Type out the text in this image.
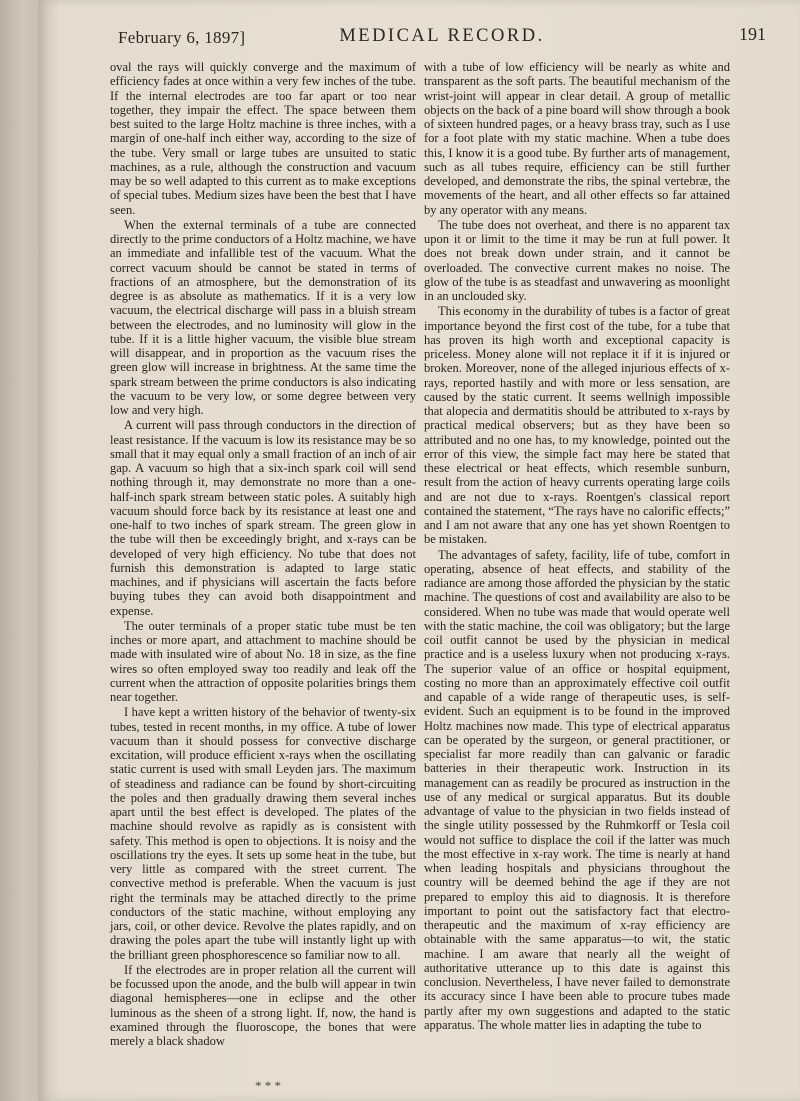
February 6, 1897]	MEDICAL RECORD.	191

oval the rays will quickly converge and the maximum of efficiency fades at once within a very few inches of the tube. If the internal electrodes are too far apart or too near together, they impair the effect. The space between them best suited to the large Holtz machine is three inches, with a margin of one-half inch either way, according to the size of the tube. Very small or large tubes are unsuited to static machines, as a rule, although the construction and vacuum may be so well adapted to this current as to make exceptions of special tubes. Medium sizes have been the best that I have seen.

When the external terminals of a tube are connected directly to the prime conductors of a Holtz machine, we have an immediate and infallible test of the vacuum. What the correct vacuum should be cannot be stated in terms of fractions of an atmosphere, but the demonstration of its degree is as absolute as mathematics. If it is a very low vacuum, the electrical discharge will pass in a bluish stream between the electrodes, and no luminosity will glow in the tube. If it is a little higher vacuum, the visible blue stream will disappear, and in proportion as the vacuum rises the green glow will increase in brightness. At the same time the spark stream between the prime conductors is also indicating the vacuum to be very low, or some degree between very low and very high.

A current will pass through conductors in the direction of least resistance. If the vacuum is low its resistance may be so small that it may equal only a small fraction of an inch of air gap. A vacuum so high that a six-inch spark coil will send nothing through it, may demonstrate no more than a one-half-inch spark stream between static poles. A suitably high vacuum should force back by its resistance at least one and one-half to two inches of spark stream. The green glow in the tube will then be exceedingly bright, and x-rays can be developed of very high efficiency. No tube that does not furnish this demonstration is adapted to large static machines, and if physicians will ascertain the facts before buying tubes they can avoid both disappointment and expense.

The outer terminals of a proper static tube must be ten inches or more apart, and attachment to machine should be made with insulated wire of about No. 18 in size, as the fine wires so often employed sway too readily and leak off the current when the attraction of opposite polarities brings them near together.

I have kept a written history of the behavior of twenty-six tubes, tested in recent months, in my office. A tube of lower vacuum than it should possess for convective discharge excitation, will produce efficient x-rays when the oscillating static current is used with small Leyden jars. The maximum of steadiness and radiance can be found by short-circuiting the poles and then gradually drawing them several inches apart until the best effect is developed. The plates of the machine should revolve as rapidly as is consistent with safety. This method is open to objections. It is noisy and the oscillations try the eyes. It sets up some heat in the tube, but very little as compared with the street current. The convective method is preferable. When the vacuum is just right the terminals may be attached directly to the prime conductors of the static machine, without employing any jars, coil, or other device. Revolve the plates rapidly, and on drawing the poles apart the tube will instantly light up with the brilliant green phosphorescence so familiar now to all.

If the electrodes are in proper relation all the current will be focussed upon the anode, and the bulb will appear in twin diagonal hemispheres—one in eclipse and the other luminous as the sheen of a strong light. If, now, the hand is examined through the fluoroscope, the bones that were merely a black shadow

with a tube of low efficiency will be nearly as white and transparent as the soft parts. The beautiful mechanism of the wrist-joint will appear in clear detail. A group of metallic objects on the back of a pine board will show through a book of sixteen hundred pages, or a heavy brass tray, such as I use for a foot plate with my static machine. When a tube does this, I know it is a good tube. By further arts of management, such as all tubes require, efficiency can be still further developed, and demonstrate the ribs, the spinal vertebræ, the movements of the heart, and all other effects so far attained by any operator with any means.

The tube does not overheat, and there is no apparent tax upon it or limit to the time it may be run at full power. It does not break down under strain, and it cannot be overloaded. The convective current makes no noise. The glow of the tube is as steadfast and unwavering as moonlight in an unclouded sky.

This economy in the durability of tubes is a factor of great importance beyond the first cost of the tube, for a tube that has proven its high worth and exceptional capacity is priceless. Money alone will not replace it if it is injured or broken. Moreover, none of the alleged injurious effects of x-rays, reported hastily and with more or less sensation, are caused by the static current. It seems wellnigh impossible that alopecia and dermatitis should be attributed to x-rays by practical medical observers; but as they have been so attributed and no one has, to my knowledge, pointed out the error of this view, the simple fact may here be stated that these electrical or heat effects, which resemble sunburn, result from the action of heavy currents operating large coils and are not due to x-rays. Roentgen's classical report contained the statement, “The rays have no calorific effects;” and I am not aware that any one has yet shown Roentgen to be mistaken.

The advantages of safety, facility, life of tube, comfort in operating, absence of heat effects, and stability of the radiance are among those afforded the physician by the static machine. The questions of cost and availability are also to be considered. When no tube was made that would operate well with the static machine, the coil was obligatory; but the large coil outfit cannot be used by the physician in medical practice and is a useless luxury when not producing x-rays. The superior value of an office or hospital equipment, costing no more than an approximately effective coil outfit and capable of a wide range of therapeutic uses, is self-evident. Such an equipment is to be found in the improved Holtz machines now made. This type of electrical apparatus can be operated by the surgeon, or general practitioner, or specialist far more readily than can galvanic or faradic batteries in their therapeutic work. Instruction in its management can as readily be procured as instruction in the use of any medical or surgical apparatus. But its double advantage of value to the physician in two fields instead of the single utility possessed by the Ruhmkorff or Tesla coil would not suffice to displace the coil if the latter was much the most effective in x-ray work. The time is nearly at hand when leading hospitals and physicians throughout the country will be deemed behind the age if they are not prepared to employ this aid to diagnosis. It is therefore important to point out the satisfactory fact that electro-therapeutic and the maximum of x-ray efficiency are obtainable with the same apparatus—to wit, the static machine. I am aware that nearly all the weight of authoritative utterance up to this date is against this conclusion. Nevertheless, I have never failed to demonstrate its accuracy since I have been able to procure tubes made partly after my own suggestions and adapted to the static apparatus. The whole matter lies in adapting the tube to

* * *
